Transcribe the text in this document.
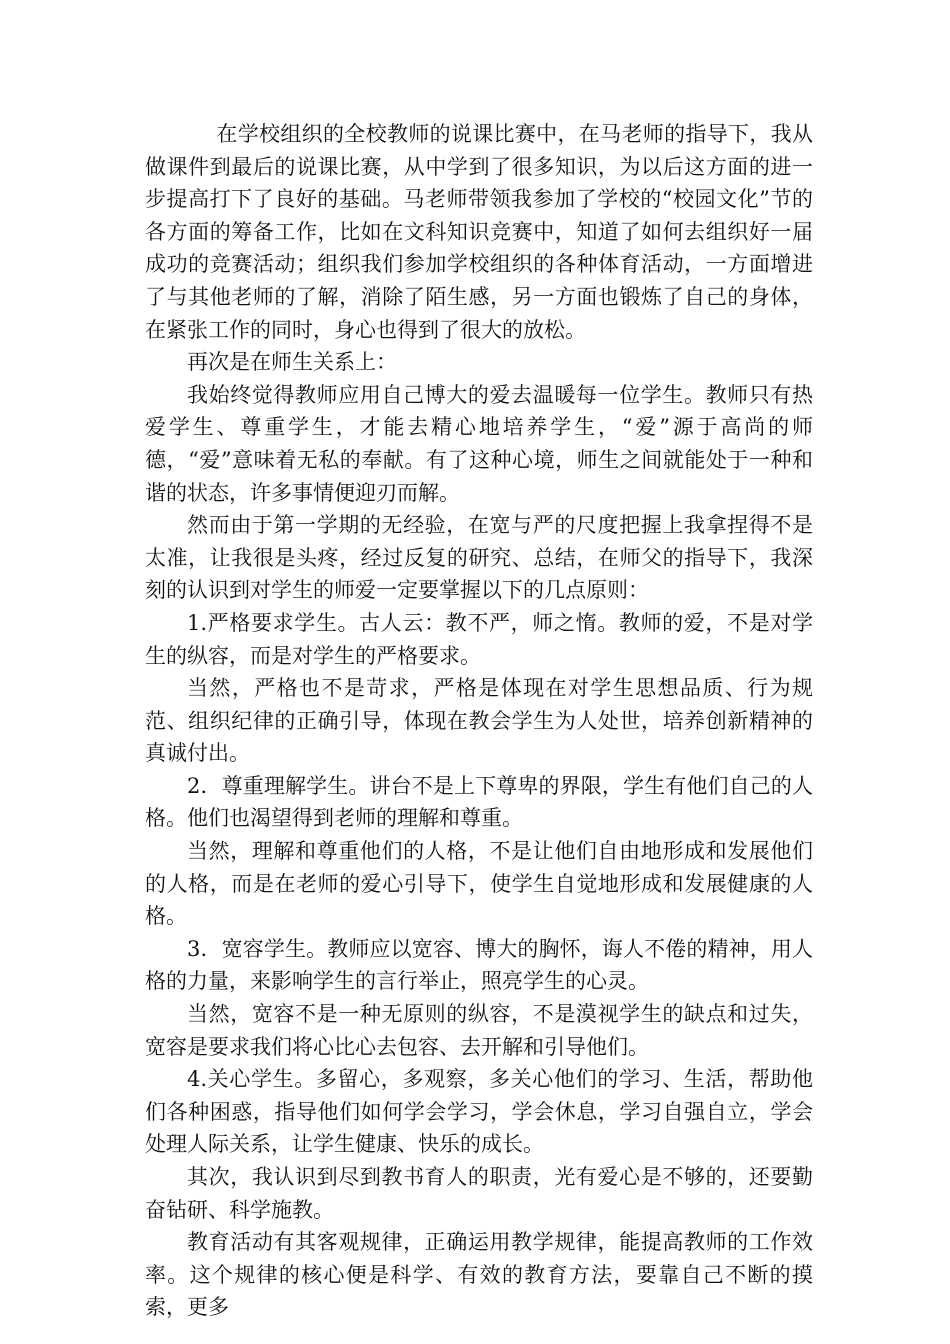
在学校组织的全校教师的说课比赛中，在马老师的指导下，我从做课件到最后的说课比赛，从中学到了很多知识，为以后这方面的进一步提高打下了良好的基础。马老师带领我参加了学校的“校园文化”节的各方面的筹备工作，比如在文科知识竞赛中，知道了如何去组织好一届成功的竞赛活动；组织我们参加学校组织的各种体育活动，一方面增进了与其他老师的了解，消除了陌生感，另一方面也锻炼了自己的身体，在紧张工作的同时，身心也得到了很大的放松。

再次是在师生关系上：

我始终觉得教师应用自己博大的爱去温暖每一位学生。教师只有热爱学生、尊重学生，才能去精心地培养学生，“爱”源于高尚的师德，“爱”意味着无私的奉献。有了这种心境，师生之间就能处于一种和谐的状态，许多事情便迎刃而解。

然而由于第一学期的无经验，在宽与严的尺度把握上我拿捏得不是太准，让我很是头疼，经过反复的研究、总结，在师父的指导下，我深刻的认识到对学生的师爱一定要掌握以下的几点原则：

1.严格要求学生。古人云：教不严，师之惰。教师的爱，不是对学生的纵容，而是对学生的严格要求。

当然，严格也不是苛求，严格是体现在对学生思想品质、行为规范、组织纪律的正确引导，体现在教会学生为人处世，培养创新精神的真诚付出。

2．尊重理解学生。讲台不是上下尊卑的界限，学生有他们自己的人格。他们也渴望得到老师的理解和尊重。

当然，理解和尊重他们的人格，不是让他们自由地形成和发展他们的人格，而是在老师的爱心引导下，使学生自觉地形成和发展健康的人格。

3．宽容学生。教师应以宽容、博大的胸怀，诲人不倦的精神，用人格的力量，来影响学生的言行举止，照亮学生的心灵。

当然，宽容不是一种无原则的纵容，不是漠视学生的缺点和过失，宽容是要求我们将心比心去包容、去开解和引导他们。

4.关心学生。多留心，多观察，多关心他们的学习、生活，帮助他们各种困惑，指导他们如何学会学习，学会休息，学习自强自立，学会处理人际关系，让学生健康、快乐的成长。

其次，我认识到尽到教书育人的职责，光有爱心是不够的，还要勤奋钻研、科学施教。

教育活动有其客观规律，正确运用教学规律，能提高教师的工作效率。这个规律的核心便是科学、有效的教育方法，要靠自己不断的摸索，更多
